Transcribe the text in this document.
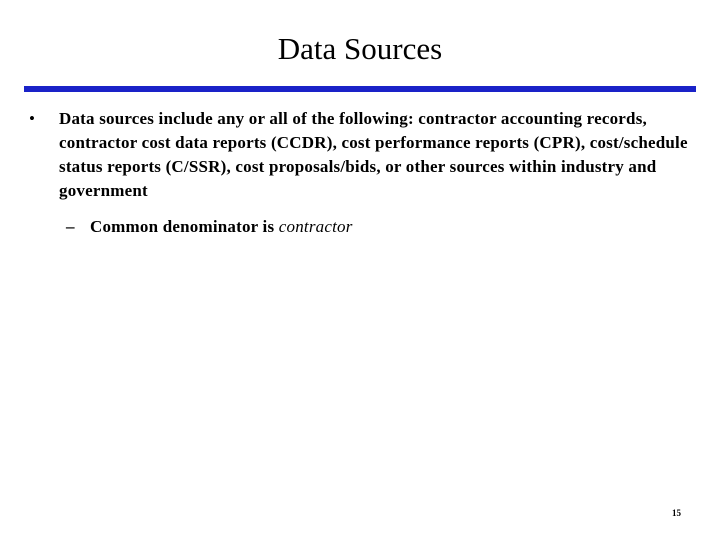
Data Sources
• Data sources include any or all of the following: contractor accounting records, contractor cost data reports (CCDR), cost performance reports (CPR), cost/schedule status reports (C/SSR), cost proposals/bids, or other sources within industry and government
– Common denominator is contractor
15
